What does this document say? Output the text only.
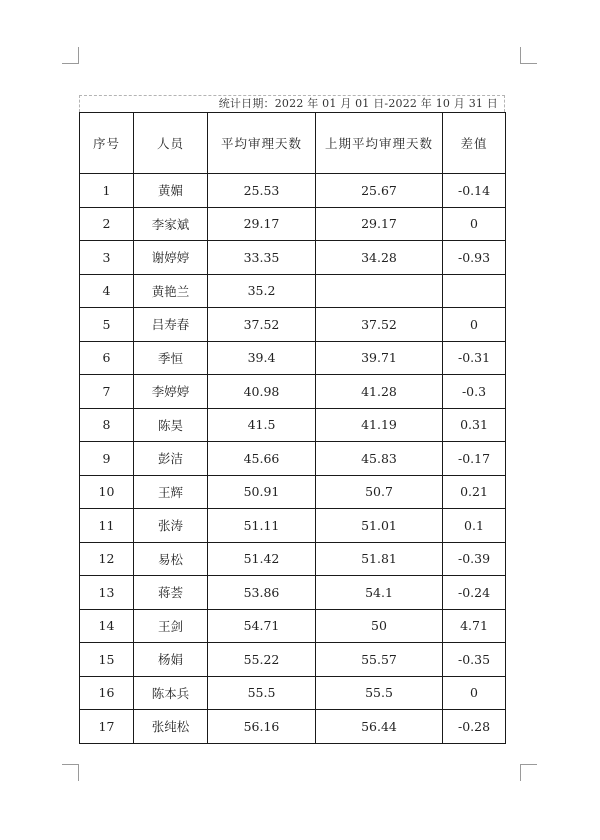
统计日期：2022 年 01 月 01 日-2022 年 10 月 31 日
序号	人员	平均审理天数	上期平均审理天数	差值
1	黄媚	25.53	25.67	-0.14
2	李家斌	29.17	29.17	0
3	谢婷婷	33.35	34.28	-0.93
4	黄艳兰	35.2		
5	吕寿春	37.52	37.52	0
6	季恒	39.4	39.71	-0.31
7	李婷婷	40.98	41.28	-0.3
8	陈昊	41.5	41.19	0.31
9	彭洁	45.66	45.83	-0.17
10	王辉	50.91	50.7	0.21
11	张涛	51.11	51.01	0.1
12	易松	51.42	51.81	-0.39
13	蒋荟	53.86	54.1	-0.24
14	王剑	54.71	50	4.71
15	杨娟	55.22	55.57	-0.35
16	陈本兵	55.5	55.5	0
17	张纯松	56.16	56.44	-0.28
